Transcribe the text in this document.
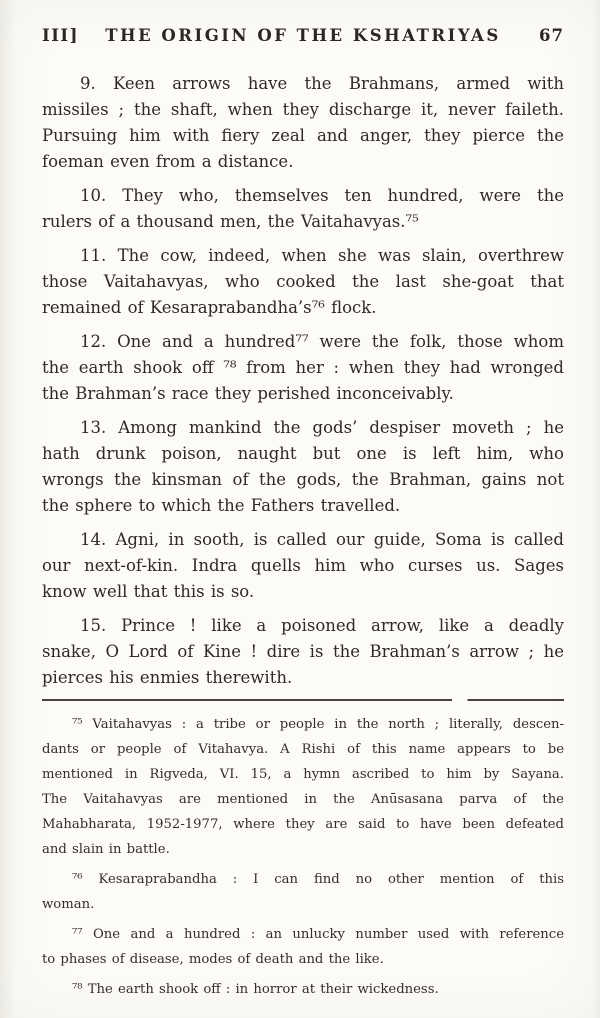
III] THE ORIGIN OF THE KSHATRIYAS 67
9. Keen arrows have the Brahmans, armed with
missiles ; the shaft, when they discharge it, never faileth.
Pursuing him with fiery zeal and anger, they pierce the
foeman even from a distance.
10. They who, themselves ten hundred, were the
rulers of a thousand men, the Vaitahavyas.⁷⁵
11. The cow, indeed, when she was slain, overthrew
those Vaitahavyas, who cooked the last she-goat that
remained of Kesaraprabandha’s⁷⁶ flock.
12. One and a hundred⁷⁷ were the folk, those whom
the earth shook off ⁷⁸ from her : when they had wronged
the Brahman’s race they perished inconceivably.
13. Among mankind the gods’ despiser moveth ; he
hath drunk poison, naught but one is left him, who
wrongs the kinsman of the gods, the Brahman, gains not
the sphere to which the Fathers travelled.
14. Agni, in sooth, is called our guide, Soma is called
our next-of-kin. Indra quells him who curses us. Sages
know well that this is so.
15. Prince ! like a poisoned arrow, like a deadly
snake, O Lord of Kine ! dire is the Brahman’s arrow ; he
pierces his enmies therewith.
⁷⁵ Vaitahavyas : a tribe or people in the north ; literally, descen-
dants or people of Vitahavya. A Rishi of this name appears to be
mentioned in Rigveda, VI. 15, a hymn ascribed to him by Sayana.
The Vaitahavyas are mentioned in the Anūsasana parva of the
Mahabharata, 1952-1977, where they are said to have been defeated
and slain in battle.
⁷⁶ Kesaraprabandha : I can find no other mention of this
woman.
⁷⁷ One and a hundred : an unlucky number used with reference
to phases of disease, modes of death and the like.
⁷⁸ The earth shook off : in horror at their wickedness.
